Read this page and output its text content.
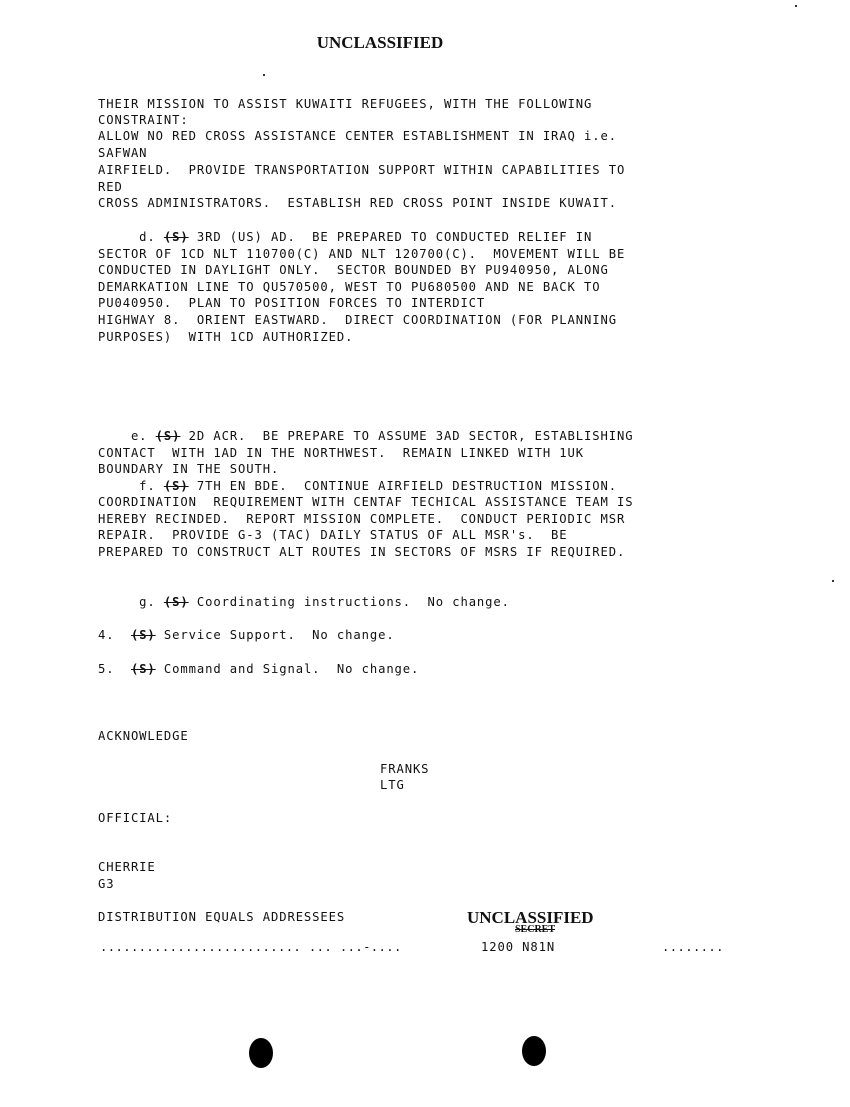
UNCLASSIFIED
THEIR MISSION TO ASSIST KUWAITI REFUGEES, WITH THE FOLLOWING
CONSTRAINT:
ALLOW NO RED CROSS ASSISTANCE CENTER ESTABLISHMENT IN IRAQ i.e.
SAFWAN
AIRFIELD.  PROVIDE TRANSPORTATION SUPPORT WITHIN CAPABILITIES TO
RED
CROSS ADMINISTRATORS.  ESTABLISH RED CROSS POINT INSIDE KUWAIT.
d. (S) 3RD (US) AD.  BE PREPARED TO CONDUCTED RELIEF IN
SECTOR OF 1CD NLT 110700(C) AND NLT 120700(C).  MOVEMENT WILL BE
CONDUCTED IN DAYLIGHT ONLY.  SECTOR BOUNDED BY PU940950, ALONG
DEMARKATION LINE TO QU570500, WEST TO PU680500 AND NE BACK TO
PU040950.  PLAN TO POSITION FORCES TO INTERDICT
HIGHWAY 8.  ORIENT EASTWARD.  DIRECT COORDINATION (FOR PLANNING
PURPOSES)  WITH 1CD AUTHORIZED.
e. (S) 2D ACR.  BE PREPARE TO ASSUME 3AD SECTOR, ESTABLISHING
CONTACT  WITH 1AD IN THE NORTHWEST.  REMAIN LINKED WITH 1UK
BOUNDARY IN THE SOUTH.
f. (S) 7TH EN BDE.  CONTINUE AIRFIELD DESTRUCTION MISSION.
COORDINATION  REQUIREMENT WITH CENTAF TECHICAL ASSISTANCE TEAM IS
HEREBY RECINDED.  REPORT MISSION COMPLETE.  CONDUCT PERIODIC MSR
REPAIR.  PROVIDE G-3 (TAC) DAILY STATUS OF ALL MSR's.  BE
PREPARED TO CONSTRUCT ALT ROUTES IN SECTORS OF MSRS IF REQUIRED.
g. (S) Coordinating instructions.  No change.
4.  (S) Service Support.  No change.
5.  (S) Command and Signal.  No change.
ACKNOWLEDGE
FRANKS
LTG
OFFICIAL:
CHERRIE
G3
DISTRIBUTION EQUALS ADDRESSEES	UNCLASSIFIED
SECRET
.......................... ... ...-....	1200 N81N	........
